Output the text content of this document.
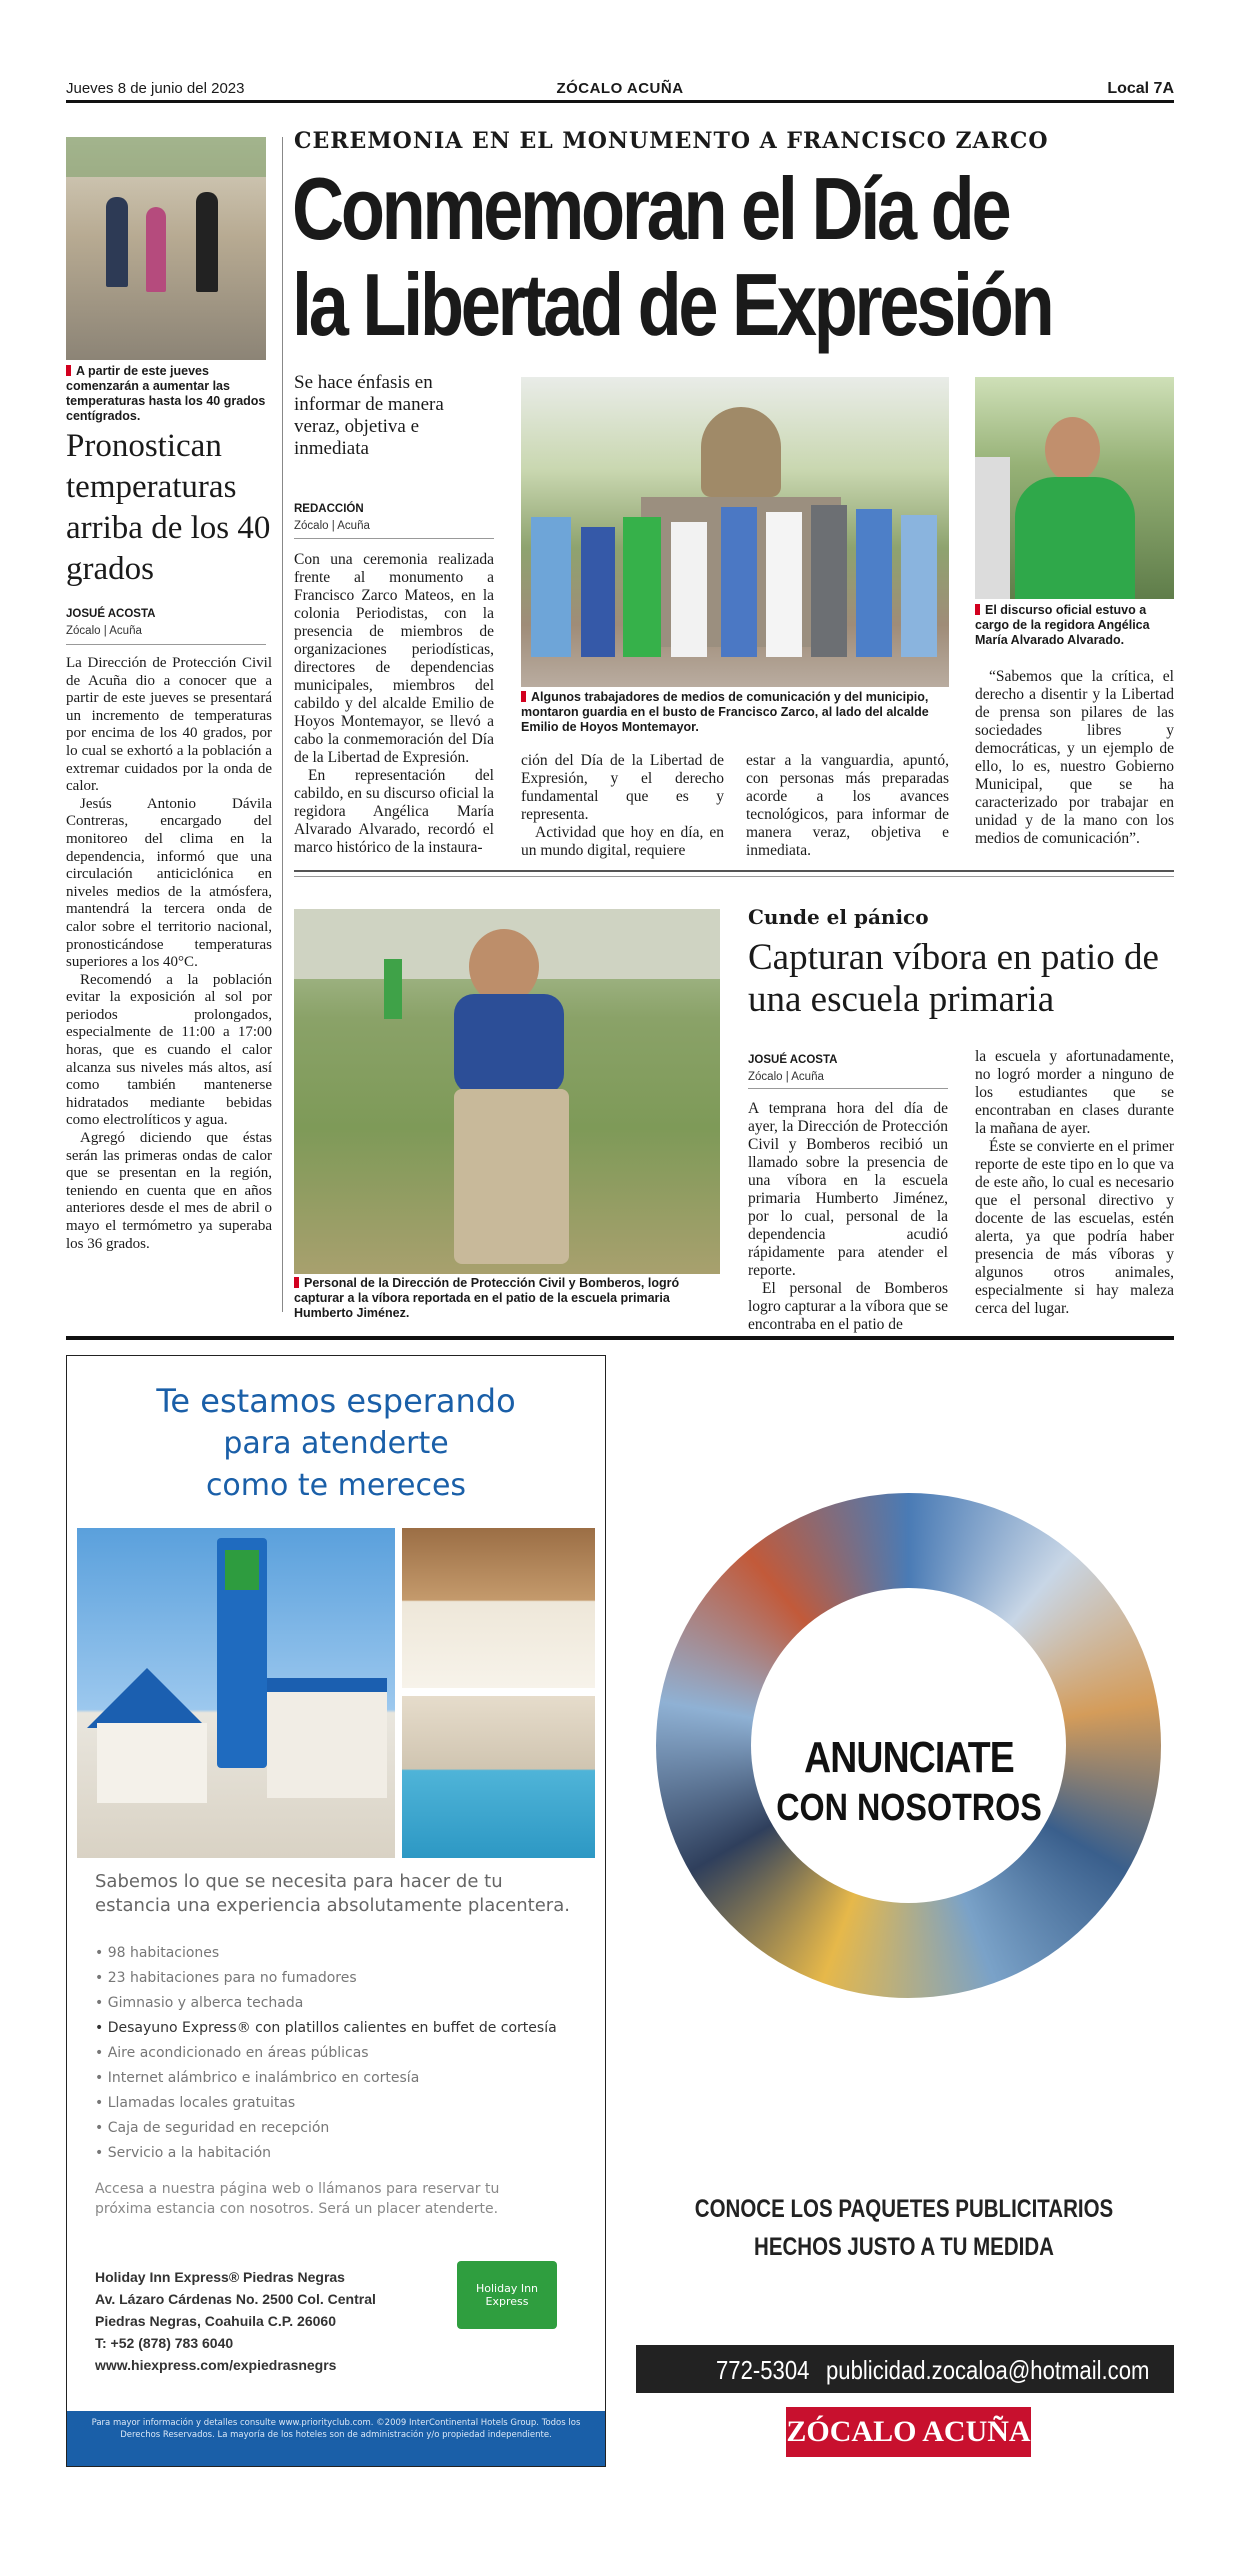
Jueves 8 de junio del 2023	ZÓCALO ACUÑA	Local 7A
A partir de este jueves comenzarán a aumentar las temperaturas hasta los 40 grados centígrados.
Pronostican temperaturas arriba de los 40 grados
JOSUÉ ACOSTA
Zócalo | Acuña

La Dirección de Protección Civil de Acuña dio a conocer que a partir de este jueves se presentará un incremento de temperaturas por encima de los 40 grados, por lo cual se exhortó a la población a extremar cuidados por la onda de calor.

Jesús Antonio Dávila Contreras, encargado del monitoreo del clima en la dependencia, informó que una circulación anticiclónica en niveles medios de la atmósfera, mantendrá la tercera onda de calor sobre el territorio nacional, pronosticándose temperaturas superiores a los 40°C.

Recomendó a la población evitar la exposición al sol por periodos prolongados, especialmente de 11:00 a 17:00 horas, que es cuando el calor alcanza sus niveles más altos, así como también mantenerse hidratados mediante bebidas como electrolíticos y agua.

Agregó diciendo que éstas serán las primeras ondas de calor que se presentan en la región, teniendo en cuenta que en años anteriores desde el mes de abril o mayo el termómetro ya superaba los 36 grados.

CEREMONIA EN EL MONUMENTO A FRANCISCO ZARCO
Conmemoran el Día de
la Libertad de Expresión
Se hace énfasis en informar de manera veraz, objetiva e inmediata
REDACCIÓN
Zócalo | Acuña

Con una ceremonia realizada frente al monumento a Francisco Zarco Mateos, en la colonia Periodistas, con la presencia de miembros de organizaciones periodísticas, directores de dependencias municipales, miembros del cabildo y del alcalde Emilio de Hoyos Montemayor, se llevó a cabo la conmemoración del Día de la Libertad de Expresión.

En representación del cabildo, en su discurso oficial la regidora Angélica María Alvarado Alvarado, recordó el marco histórico de la instaura-

Algunos trabajadores de medios de comunicación y del municipio, montaron guardia en el busto de Francisco Zarco, al lado del alcalde Emilio de Hoyos Montemayor.

ción del Día de la Libertad de Expresión, y el derecho fundamental que es y representa.

Actividad que hoy en día, en un mundo digital, requiere

estar a la vanguardia, apuntó, con personas más preparadas acorde a los avances tecnológicos, para informar de manera veraz, objetiva e inmediata.

El discurso oficial estuvo a cargo de la regidora Angélica María Alvarado Alvarado.

“Sabemos que la crítica, el derecho a disentir y la Libertad de prensa son pilares de las sociedades libres y democráticas, y un ejemplo de ello, lo es, nuestro Gobierno Municipal, que se ha caracterizado por trabajar en unidad y de la mano con los medios de comunicación”.

Personal de la Dirección de Protección Civil y Bomberos, logró capturar a la víbora reportada en el patio de la escuela primaria Humberto Jiménez.
Cunde el pánico
Capturan víbora en patio de una escuela primaria
JOSUÉ ACOSTA
Zócalo | Acuña

A temprana hora del día de ayer, la Dirección de Protección Civil y Bomberos recibió un llamado sobre la presencia de una víbora en la escuela primaria Humberto Jiménez, por lo cual, personal de la dependencia acudió rápidamente para atender el reporte.

El personal de Bomberos logro capturar a la víbora que se encontraba en el patio de

la escuela y afortunadamente, no logró morder a ninguno de los estudiantes que se encontraban en clases durante la mañana de ayer.

Éste se convierte en el primer reporte de este tipo en lo que va de este año, lo cual es necesario que el personal directivo y docente de las escuelas, estén alerta, ya que podría haber presencia de más víboras y algunos otros animales, especialmente si hay maleza cerca del lugar.

Te estamos esperando
para atenderte
como te mereces
Sabemos lo que se necesita para hacer de tu estancia una experiencia absolutamente placentera.
• 98 habitaciones
• 23 habitaciones para no fumadores
• Gimnasio y alberca techada
• Desayuno Express® con platillos calientes en buffet de cortesía
• Aire acondicionado en áreas públicas
• Internet alámbrico e inalámbrico en cortesía
• Llamadas locales gratuitas
• Caja de seguridad en recepción
• Servicio a la habitación
Accesa a nuestra página web o llámanos para reservar tu próxima estancia con nosotros. Será un placer atenderte.
Holiday Inn Express® Piedras Negras
Av. Lázaro Cárdenas No. 2500 Col. Central
Piedras Negras, Coahuila C.P. 26060
T: +52 (878) 783 6040
www.hiexpress.com/expiedrasnegrs
Holiday Inn Express
Para mayor información y detalles consulte www.priorityclub.com. ©2009 InterContinental Hotels Group. Todos los Derechos Reservados. La mayoría de los hoteles son de administración y/o propiedad independiente.
ANUNCIATE
CON NOSOTROS
CONOCE LOS PAQUETES PUBLICITARIOS
HECHOS JUSTO A TU MEDIDA
772-5304 publicidad.zocaloa@hotmail.com
ZÓCALO ACUÑA
